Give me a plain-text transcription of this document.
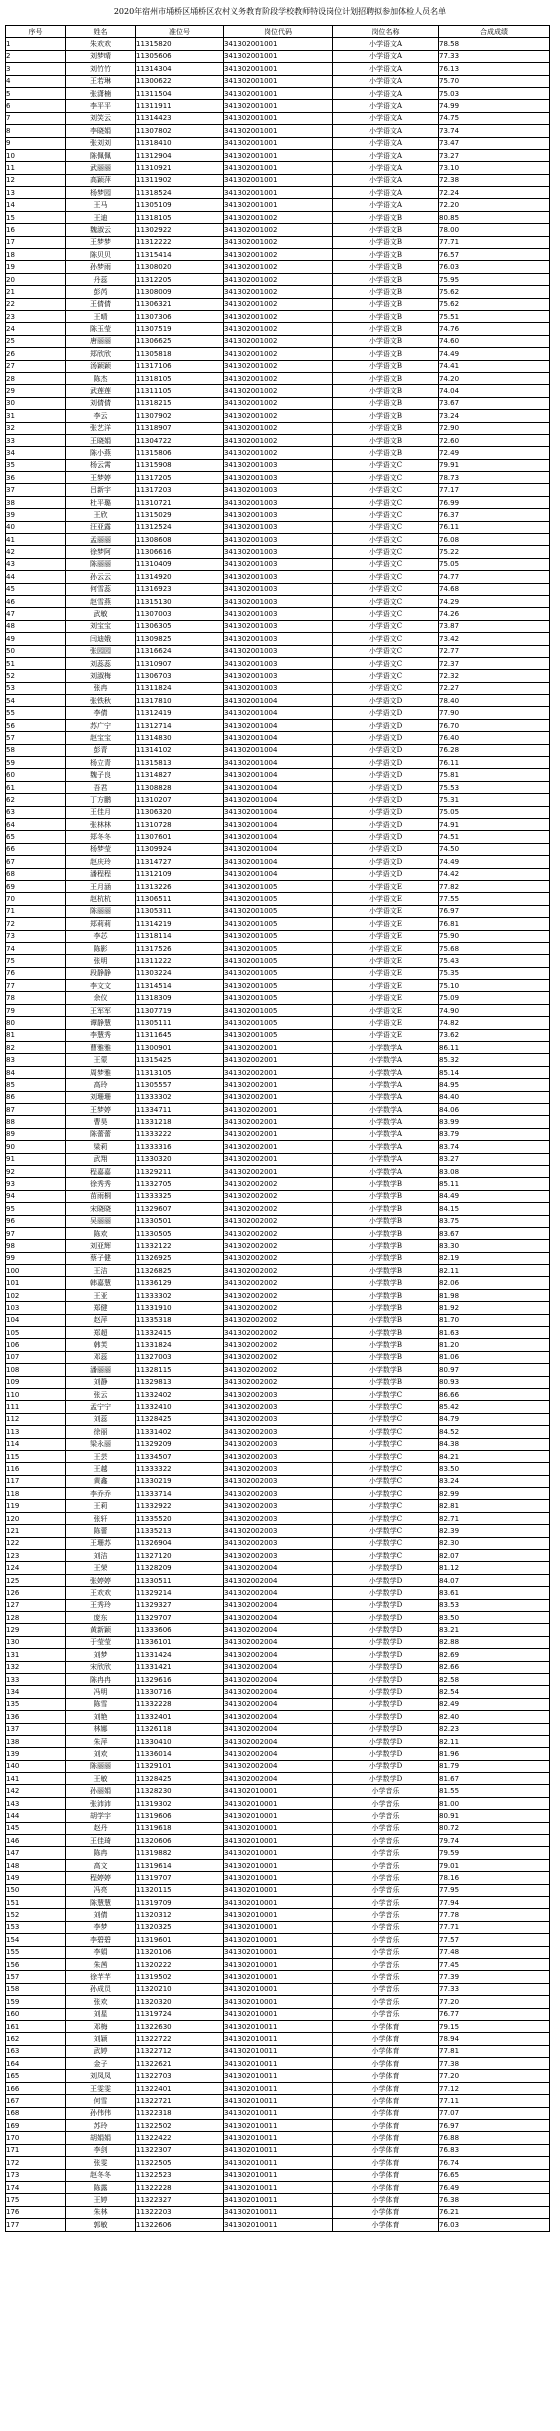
2020年宿州市埇桥区埇桥区农村义务教育阶段学校教师特设岗位计划招聘拟参加体检人员名单
序号	姓名	准位号	岗位代码	岗位名称	合成成绩
1	朱欢欢	11315820	341302001001	小学语文A	78.58
2	刘梦晴	11305606	341302001001	小学语文A	77.33
3	刘竹竹	11314304	341302001001	小学语文A	76.13
4	王若琳	11300622	341302001001	小学语文A	75.70
5	张潇楠	11311504	341302001001	小学语文A	75.03
6	李平平	11311911	341302001001	小学语文A	74.99
7	刘笑云	11314423	341302001001	小学语文A	74.75
8	李晓娟	11307802	341302001001	小学语文A	73.74
9	张刘刘	11318410	341302001001	小学语文A	73.47
10	陈佩佩	11312904	341302001001	小学语文A	73.27
11	武丽丽	11310921	341302001001	小学语文A	73.10
12	高颖萍	11311902	341302001001	小学语文A	72.38
13	杨梦园	11318524	341302001001	小学语文A	72.24
14	王马	11305109	341302001001	小学语文A	72.20
15	王迪	11318105	341302001002	小学语文B	80.85
16	魏淑云	11302922	341302001002	小学语文B	78.00
17	王梦梦	11312222	341302001002	小学语文B	77.71
18	陈贝贝	11315414	341302001002	小学语文B	76.57
19	孙梦雨	11308020	341302001002	小学语文B	76.03
20	丹蕊	11312205	341302001002	小学语文B	75.95
21	彭芮	11308009	341302001002	小学语文B	75.62
22	王倩倩	11306321	341302001002	小学语文B	75.62
23	王晴	11307306	341302001002	小学语文B	75.51
24	陈玉莹	11307519	341302001002	小学语文B	74.76
25	唐丽丽	11306625	341302001002	小学语文B	74.60
26	郑欣欣	11305818	341302001002	小学语文B	74.49
27	汤颖颖	11317106	341302001002	小学语文B	74.41
28	陈杰	11318105	341302001002	小学语文B	74.20
29	武莲莲	11311105	341302001002	小学语文B	74.04
30	刘倩倩	11318215	341302001002	小学语文B	73.67
31	李云	11307902	341302001002	小学语文B	73.24
32	张艺洋	11318907	341302001002	小学语文B	72.90
33	王晓娟	11304722	341302001002	小学语文B	72.60
34	陈小燕	11315806	341302001002	小学语文B	72.49
35	杨云霄	11315908	341302001003	小学语文C	79.91
36	王梦婷	11317205	341302001003	小学语文C	78.73
37	吕新宇	11317203	341302001003	小学语文C	77.17
38	杜平璐	11310721	341302001003	小学语文C	76.99
39	王欣	11315029	341302001003	小学语文C	76.37
40	汪亚露	11312524	341302001003	小学语文C	76.11
41	孟丽丽	11308608	341302001003	小学语文C	76.08
42	徐梦阿	11306616	341302001003	小学语文C	75.22
43	陈丽丽	11310409	341302001003	小学语文C	75.05
44	孙云云	11314920	341302001003	小学语文C	74.77
45	何雪蕊	11316923	341302001003	小学语文C	74.68
46	赵雪燕	11315130	341302001003	小学语文C	74.29
47	武敏	11307003	341302001003	小学语文C	74.26
48	刘宝宝	11306305	341302001003	小学语文C	73.87
49	闫迪娥	11309825	341302001003	小学语文C	73.42
50	张园园	11316624	341302001003	小学语文C	72.77
51	刘蕊蕊	11310907	341302001003	小学语文C	72.37
52	刘淑梅	11306703	341302001003	小学语文C	72.32
53	张冉	11311824	341302001003	小学语文C	72.27
54	张铁秋	11317810	341302001004	小学语文D	78.40
55	李倩	11312419	341302001004	小学语文D	77.90
56	苏广宁	11312714	341302001004	小学语文D	76.70
57	赵宝宝	11314830	341302001004	小学语文D	76.40
58	彭青	11314102	341302001004	小学语文D	76.28
59	杨立青	11315813	341302001004	小学语文D	76.11
60	魏子良	11314827	341302001004	小学语文D	75.81
61	吾君	11308828	341302001004	小学语文D	75.53
62	丁方鹏	11310207	341302001004	小学语文D	75.31
63	王佳月	11306320	341302001004	小学语文D	75.05
64	张林林	11310728	341302001004	小学语文D	74.91
65	郑冬冬	11307601	341302001004	小学语文D	74.51
66	杨梦莹	11309924	341302001004	小学语文D	74.50
67	赵庆玲	11314727	341302001004	小学语文D	74.49
68	潘程程	11312109	341302001004	小学语文D	74.42
69	王月涵	11313226	341302001005	小学语文E	77.82
70	赵杭杭	11306511	341302001005	小学语文E	77.55
71	陈丽丽	11305311	341302001005	小学语文E	76.97
72	郑莉莉	11314219	341302001005	小学语文E	76.81
73	李芯	11318114	341302001005	小学语文E	75.90
74	陈影	11317526	341302001005	小学语文E	75.68
75	张明	11311222	341302001005	小学语文E	75.43
76	段静静	11303224	341302001005	小学语文E	75.35
77	李文文	11314514	341302001005	小学语文E	75.10
78	余仪	11318309	341302001005	小学语文E	75.09
79	王军军	11307719	341302001005	小学语文E	74.90
80	谭静慧	11305111	341302001005	小学语文E	74.82
81	李慧秀	11311645	341302001005	小学语文E	73.62
82	曹雅雅	11300901	341302002001	小学数学A	86.11
83	王蒙	11315425	341302002001	小学数学A	85.32
84	周梦雅	11313105	341302002001	小学数学A	85.14
85	高玲	11305557	341302002001	小学数学A	84.95
86	刘珊珊	11333302	341302002001	小学数学A	84.40
87	王梦婷	11334711	341302002001	小学数学A	84.06
88	曹昊	11331218	341302002001	小学数学A	83.99
89	陈蕾蕾	11333222	341302002001	小学数学A	83.79
90	梁莉	11333316	341302002001	小学数学A	83.74
91	武翔	11330320	341302002001	小学数学A	83.27
92	程嘉嘉	11329211	341302002001	小学数学A	83.08
93	徐秀秀	11332705	341302002002	小学数学B	85.11
94	苗雨桐	11333325	341302002002	小学数学B	84.49
95	宋晓晓	11329607	341302002002	小学数学B	84.15
96	吴丽丽	11330501	341302002002	小学数学B	83.75
97	陈欢	11330505	341302002002	小学数学B	83.67
98	刘亚辉	11332122	341302002002	小学数学B	83.30
99	蔡子健	11326925	341302002002	小学数学B	82.19
100	王洁	11326825	341302002002	小学数学B	82.11
101	韩嘉慧	11336129	341302002002	小学数学B	82.06
102	王亚	11333302	341302002002	小学数学B	81.98
103	郑健	11331910	341302002002	小学数学B	81.92
104	赵萍	11335318	341302002002	小学数学B	81.70
105	郑超	11332415	341302002002	小学数学B	81.63
106	韩芙	11331824	341302002002	小学数学B	81.20
107	邓蕊	11327003	341302002002	小学数学B	81.06
108	潘丽丽	11328115	341302002002	小学数学B	80.97
109	刘静	11329813	341302002002	小学数学B	80.93
110	张云	11332402	341302002003	小学数学C	86.66
111	孟宁宁	11332410	341302002003	小学数学C	85.42
112	刘蕊	11328425	341302002003	小学数学C	84.79
113	徐丽	11331402	341302002003	小学数学C	84.52
114	梁永丽	11329209	341302002003	小学数学C	84.38
115	王芸	11334507	341302002003	小学数学C	84.21
116	王越	11333322	341302002003	小学数学C	83.50
117	黄鑫	11330219	341302002003	小学数学C	83.24
118	李乔乔	11333714	341302002003	小学数学C	82.99
119	王莉	11332922	341302002003	小学数学C	82.81
120	张轩	11335520	341302002003	小学数学C	82.71
121	陈蕾	11335213	341302002003	小学数学C	82.39
122	王珊苏	11326904	341302002003	小学数学C	82.30
123	刘洁	11327120	341302002003	小学数学C	82.07
124	王荣	11328209	341302002004	小学数学D	81.12
125	张婷婷	11330511	341302002004	小学数学D	84.07
126	王欢欢	11329214	341302002004	小学数学D	83.61
127	王秀玲	11329327	341302002004	小学数学D	83.53
128	庞东	11329707	341302002004	小学数学D	83.50
129	黄新颖	11333606	341302002004	小学数学D	83.21
130	于莹莹	11336101	341302002004	小学数学D	82.88
131	刘梦	11331424	341302002004	小学数学D	82.69
132	宋欣欣	11331421	341302002004	小学数学D	82.66
133	陈冉冉	11329616	341302002004	小学数学D	82.58
134	冯明	11330716	341302002004	小学数学D	82.54
135	陈雪	11332228	341302002004	小学数学D	82.49
136	刘艳	11332401	341302002004	小学数学D	82.40
137	林娜	11326118	341302002004	小学数学D	82.23
138	朱萍	11330410	341302002004	小学数学D	82.11
139	刘欢	11336014	341302002004	小学数学D	81.96
140	陈丽丽	11329101	341302002004	小学数学D	81.79
141	王敏	11328425	341302002004	小学数学D	81.67
142	孙丽娟	11328230	341302010001	小学音乐	81.55
143	张沛沛	11319302	341302010001	小学音乐	81.00
144	胡学宇	11319606	341302010001	小学音乐	80.91
145	赵丹	11319618	341302010001	小学音乐	80.72
146	王佳琦	11320606	341302010001	小学音乐	79.74
147	陈冉	11319882	341302010001	小学音乐	79.59
148	高文	11319614	341302010001	小学音乐	79.01
149	程婷婷	11319707	341302010001	小学音乐	78.16
150	冯亮	11320115	341302010001	小学音乐	77.95
151	陈慧慧	11319709	341302010001	小学音乐	77.94
152	刘倩	11320312	341302010001	小学音乐	77.78
153	李梦	11320325	341302010001	小学音乐	77.71
154	李碧碧	11319601	341302010001	小学音乐	77.57
155	李娟	11320106	341302010001	小学音乐	77.48
156	朱茜	11320222	341302010001	小学音乐	77.45
157	徐芊芊	11319502	341302010001	小学音乐	77.39
158	孙成员	11320210	341302010001	小学音乐	77.33
159	张欢	11320320	341302010001	小学音乐	77.20
160	刘星	11319724	341302010001	小学音乐	76.77
161	邓梅	11322630	341302010011	小学体育	79.15
162	刘颖	11322722	341302010011	小学体育	78.94
163	武婷	11322712	341302010011	小学体育	77.81
164	金子	11322621	341302010011	小学体育	77.38
165	刘凤凤	11322703	341302010011	小学体育	77.20
166	王雯雯	11322401	341302010011	小学体育	77.12
167	何雪	11322721	341302010011	小学体育	77.11
168	孙伟伟	11322318	341302010011	小学体育	77.07
169	苏玲	11322502	341302010011	小学体育	76.97
170	胡娟娟	11322422	341302010011	小学体育	76.88
171	李剑	11322307	341302010011	小学体育	76.83
172	张雯	11322505	341302010011	小学体育	76.74
173	赵冬冬	11322523	341302010011	小学体育	76.65
174	陈露	11322228	341302010011	小学体育	76.49
175	王婷	11322327	341302010011	小学体育	76.38
176	朱林	11322203	341302010011	小学体育	76.21
177	郭敏	11322606	341302010011	小学体育	76.03
